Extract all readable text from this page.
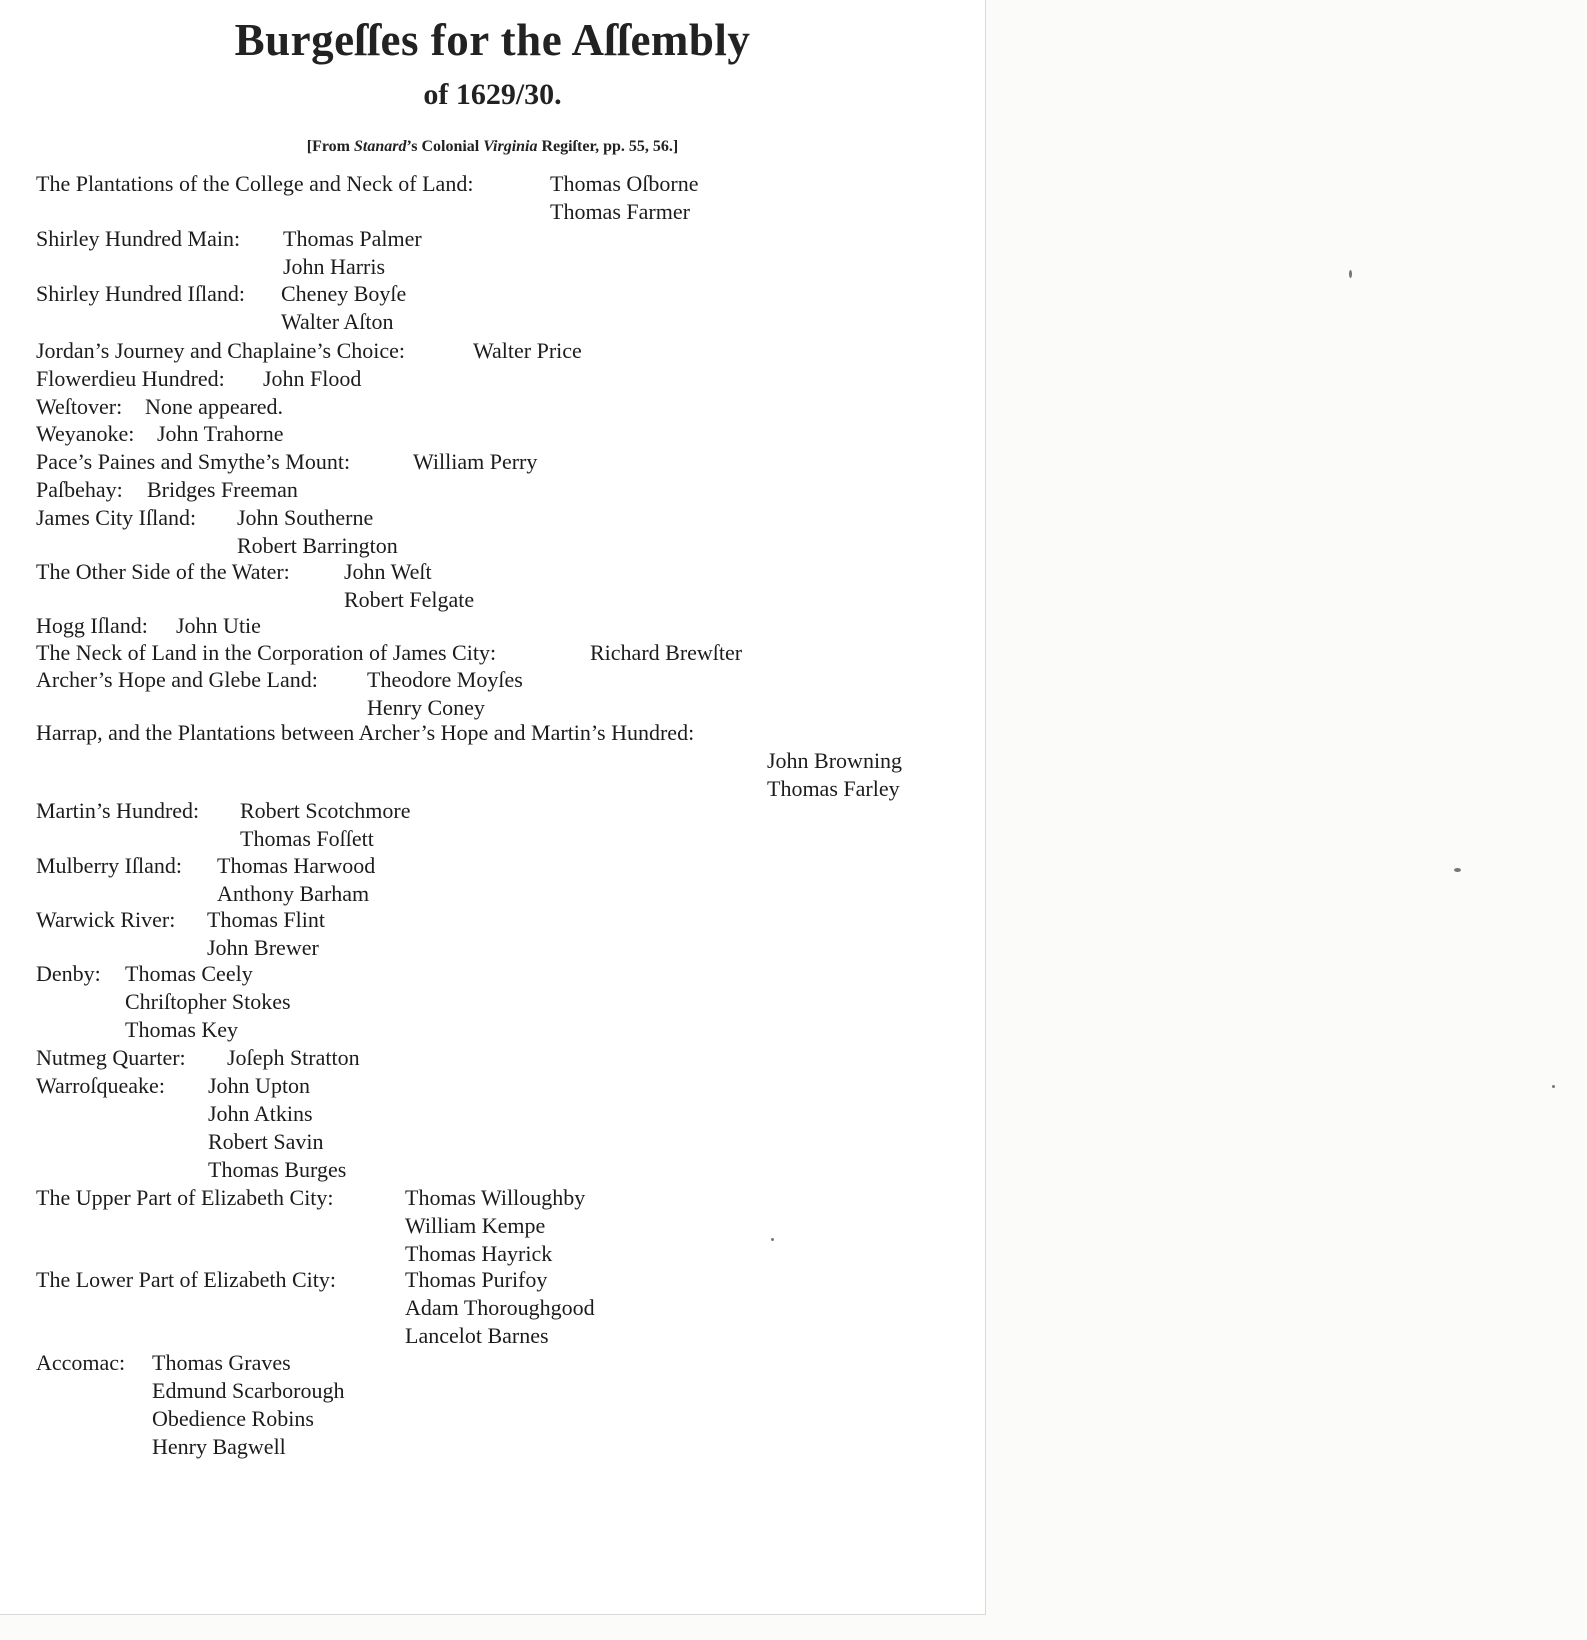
Burgeſſes for the Aſſembly
of 1629/30.
[From Stanard’s Colonial Virginia Regiſter, pp. 55, 56.]
The Plantations of the College and Neck of Land:	Thomas Oſborne
Thomas Farmer
Shirley Hundred Main: Thomas Palmer
John Harris
Shirley Hundred Iſland: Cheney Boyſe
Walter Aſton
Jordan’s Journey and Chaplaine’s Choice:	Walter Price
Flowerdieu Hundred: John Flood
Weſtover: None appeared.
Weyanoke: John Trahorne
Pace’s Paines and Smythe’s Mount:	William Perry
Paſbehay: Bridges Freeman
James City Iſland: John Southerne
Robert Barrington
The Other Side of the Water: John Weſt
Robert Felgate
Hogg Iſland: John Utie
The Neck of Land in the Corporation of James City:	Richard Brewſter
Archer’s Hope and Glebe Land: Theodore Moyſes
Henry Coney
Harrap, and the Plantations between Archer’s Hope and Martin’s Hundred:
John Browning
Thomas Farley
Martin’s Hundred: Robert Scotchmore
Thomas Foſſett
Mulberry Iſland: Thomas Harwood
Anthony Barham
Warwick River: Thomas Flint
John Brewer
Denby: Thomas Ceely
Chriſtopher Stokes
Thomas Key
Nutmeg Quarter: Joſeph Stratton
Warroſqueake: John Upton
John Atkins
Robert Savin
Thomas Burges
The Upper Part of Elizabeth City:	Thomas Willoughby
William Kempe
Thomas Hayrick
The Lower Part of Elizabeth City:	Thomas Purifoy
Adam Thoroughgood
Lancelot Barnes
Accomac: Thomas Graves
Edmund Scarborough
Obedience Robins
Henry Bagwell
